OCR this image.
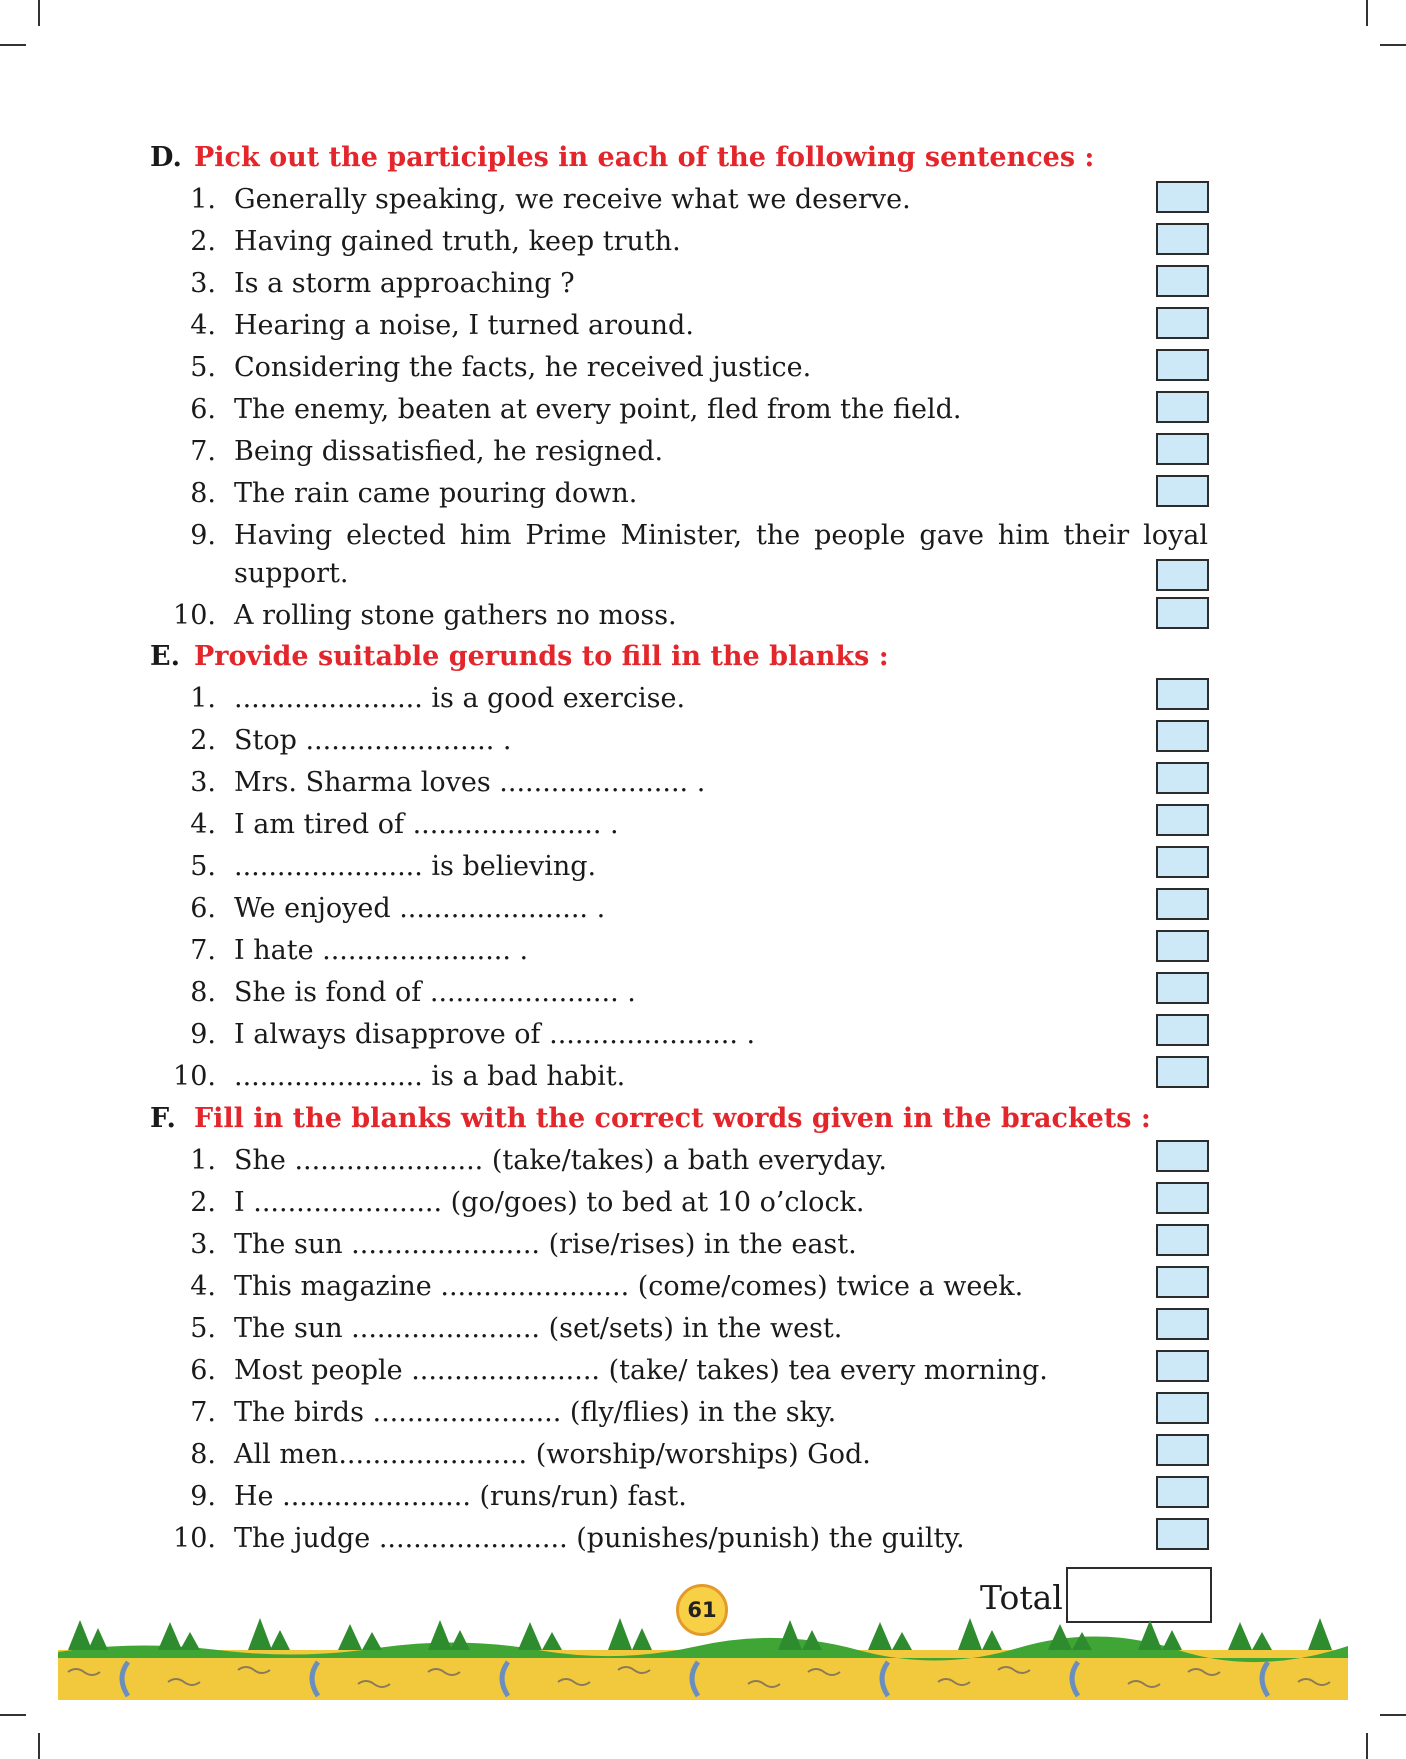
D. Pick out the participles in each of the following sentences :
1. Generally speaking, we receive what we deserve.
2. Having gained truth, keep truth.
3. Is a storm approaching ?
4. Hearing a noise, I turned around.
5. Considering the facts, he received justice.
6. The enemy, beaten at every point, fled from the field.
7. Being dissatisfied, he resigned.
8. The rain came pouring down.
9. Having elected him Prime Minister, the people gave him their loyal support.
10. A rolling stone gathers no moss.
E. Provide suitable gerunds to fill in the blanks :
1. ...................... is a good exercise.
2. Stop ...................... .
3. Mrs. Sharma loves ...................... .
4. I am tired of ...................... .
5. ...................... is believing.
6. We enjoyed ...................... .
7. I hate ...................... .
8. She is fond of ...................... .
9. I always disapprove of ...................... .
10. ...................... is a bad habit.
F. Fill in the blanks with the correct words given in the brackets :
1. She ...................... (take/takes) a bath everyday.
2. I ...................... (go/goes) to bed at 10 o’clock.
3. The sun ...................... (rise/rises) in the east.
4. This magazine ...................... (come/comes) twice a week.
5. The sun ...................... (set/sets) in the west.
6. Most people ...................... (take/ takes) tea every morning.
7. The birds ...................... (fly/flies) in the sky.
8. All men...................... (worship/worships) God.
9. He ...................... (runs/run) fast.
10. The judge ...................... (punishes/punish) the guilty.
Total
61
